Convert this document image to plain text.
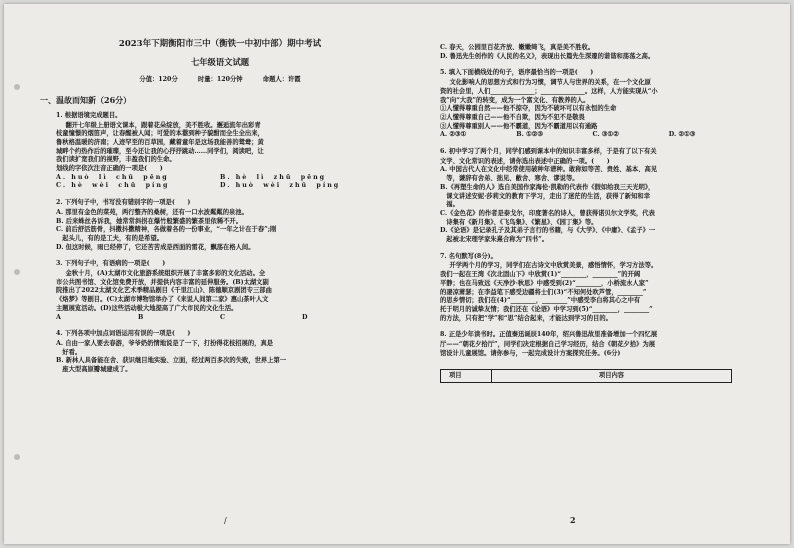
2023年下期衡阳市三中（衡铁一中初中部）期中考试
七年级语文试题
分值：120分	时量：120分钟	命题人：许霞
一、温故而知新（26分）
1. 根据语境完成题目。
翻开七年级上册语文课本，跟着花朵绽放，美不胜收。邂逅流年出彩青
枝童憧憬的烟笛声，让春醒被人闻；可爱的本嚣到种子貌酣而全生全出来，
鲁秋格温暖的济南；人迹罕至的百草园，藏着童年是这场我能善的鸳鸯；黄
城畔个约热作后的璀璨，至今还让我的心抒抒跳动……同学们，阅读吧，让
我们读扩宽我们的视野，丰盈我们的生命。
划线的字依次注音正确的一项是(　　)
A. huò　lì　chū　pēng	B. hè　lì　zhū　pēng
C. hè　wèi　chū　píng	D. huò　wèi　zhū　píng
2. 下列句子中，书写没有错别字的一项是(　　)
A. 那里有金色的菜苑，两行整齐的桑树，还有一口水波粼粼的泉池。
B. 后来蛛丝各诉我，她常常斜拐在爆竹般繁盛的繁茶里依稀不开。
C. 前后舒活筋骨，抖擞抖擞精神，各做着各的一份事业，“一年之计在于春”;刚
　起头儿，有的是工夫，有的是希望。
D. 但这时候，雨已经停了，它还苦苦成是西面的雷花，飘荡在格人间。
3. 下列句子中，有语病的一项是(　　)
金秋十月，(A)太湖市文化旅游系统组织开展了丰富多彩的文化活动。全
市公共图书馆、文化馆免费开放，并提供内容丰富的延伸服务。(B)太湖文副
院推出了2022太湖文化艺术季精品剧目《千里江山》、陈德顺京剧团专三部曲
《烙梦》等剧目。(C)太湖市博物馆举办了《来说人间第二家》惠山茶叶人文
主题展览活动。(D)这些活动极大地提高了广大市民的文化生活。
A	B	C	D
4. 下列各项中加点词语运用有误的一项是(　　)
A. 自由一家人要去春游，爷爷奶奶情地说是了一下，打扮得花枝招展的，真是
　好看。
B. 新林人具备能在舍、获识继目地实验、立面，经过两百多次的失败，世界上第一
　座大型高原瓣城建成了。
/
C. 春天，公园里百花齐放、嫩嫩绮飞，真是美不胜收。
D. 鲁迅先生创作的《人民的名义》，表现出长篇先生深邃的谐谐和荡荡之高。
5. 填入下面横线处的句子，语序最恰当的一项是(　　)
文化影响人的思想方式和行为习惯，调节人与世界的关系，在一个文化原
资的社会里，人们______________；______________。这样，人方能实现从“小
我”向“大我”的转变，成为一个富文化、有教养的人。
①人懂得尊重自然——他不掠夺，因为不破坏可以有永恒的生命
②人懂得尊重自己——他不自欺，因为不犯不是敬畏
③人懂得尊重别人——他不霸道，因为不霸道用以有通路
A. ②③①	B. ①②③	C. ③①②	D. ②①③
6. 初中学习了两个月，同学们感到课本中的知识丰富多样，于是有了以下有关
文学、文化常识的表述，请你选出表述中正确的一项。(　　)
A. 中国古代人在文化中经常使用破种年谱种。敢称如等苦、贵姓、基本、高见
　等，谦辞有舍弟、拙见、敝舍、寒舍、谬说等。
B.《再塑生命的人》选自美国作家海伦·凯勒的代表作《假如给我三天光明》，
　课文讲述安妮·莎莉文的教育下学习，走出了迷茫的生活，获得了新知和幸
　福。
C.《金色花》的作者是泰戈尔，印度著名的诗人，曾获得诺贝尔文学奖，代表
　诗集有《新月集》、《飞鸟集》、《繁星》、《园丁集》等。
D.《论语》是记录孔子及其弟子言行的书籍，与《大学》、《中庸》、《孟子》一
　起被北宋理学家朱熹合称为“四书”。
7. 名句默写(8分)。
开学两个月的学习，同学们在古诗文中欣赏美景，感悟情怀，学习方法等。
我们一起在王湾《次北固山下》中欣赏(1)“________，________”的开阔
平静；也在马致远《天净沙·秋思》中感受到(2)“________，小桥流水人家”
的凄凉萧瑟；在李益笔下感受边疆将士们(3)“不知何处吹芦管，________”
的思乡情切；我们在(4)“________，________”中感受李白将其心之中有
托于明月的诚挚友情；我们还在《论语》中学习到(5)“________，________”
的方法，只有把“学”和“思”结合起来，才能达到学习的目的。
8. 正是少年读书时。正值秦迅诞辰140年，绍兴鲁迅故里准备增加一个四忆展
厅——“朝花夕拾厅”，同学们决定根据自己学习经历，结合《朝花夕拾》为展
馆设计儿童展馆。请你参与，一起完成设计方案探究任务。(6分)
项目	项目内容
2
